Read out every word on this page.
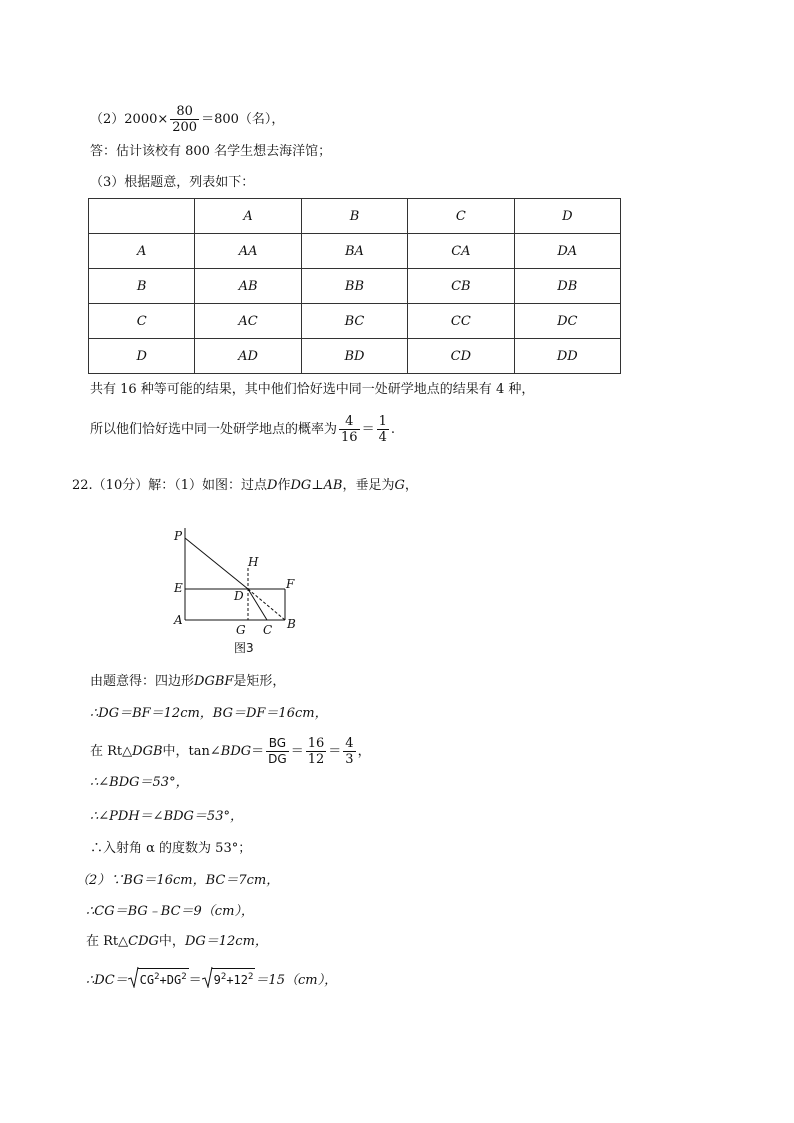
$(2)2000\times \frac{80}{200} =800$（名），
答：估计该校有 800 名学生想去海洋馆；
（3）根据题意，列表如下：
	A	B	C	D
A	AA	BA	CA	DA
B	AB	BB	CB	DB
C	AC	BC	CC	DC
D	AD	BD	CD	DD
共有 16 种等可能的结果，其中他们恰好选中同一处研学地点的结果有 4 种，
所以他们恰好选中同一处研学地点的概率为 $\frac{4}{16} = \frac{1}{4}$ .
22.（10分）解：（1）如图：过点D作DG⊥AB，垂足为G，
P
H
E	F
D
A
G C B
图3
由题意得：四边形DGBF是矩形，
∴DG＝BF＝12cm，BG＝DF＝16cm，
在 Rt△DGB中，tan∠BDG＝ $\frac{BG}{DG} = \frac{16}{12} = \frac{4}{3}$ ，
∴∠BDG＝53°，
∴∠PDH＝∠BDG＝53°，
∴入射角 α 的度数为 53°；
（2）∵BG＝16cm，BC＝7cm，
∴CG＝BG﹣BC＝9（cm），
在 Rt△CDG中，DG＝12cm，
∴DC＝ $CG^2+DG^2 = 9^2+12^2 =15(cm)$，
